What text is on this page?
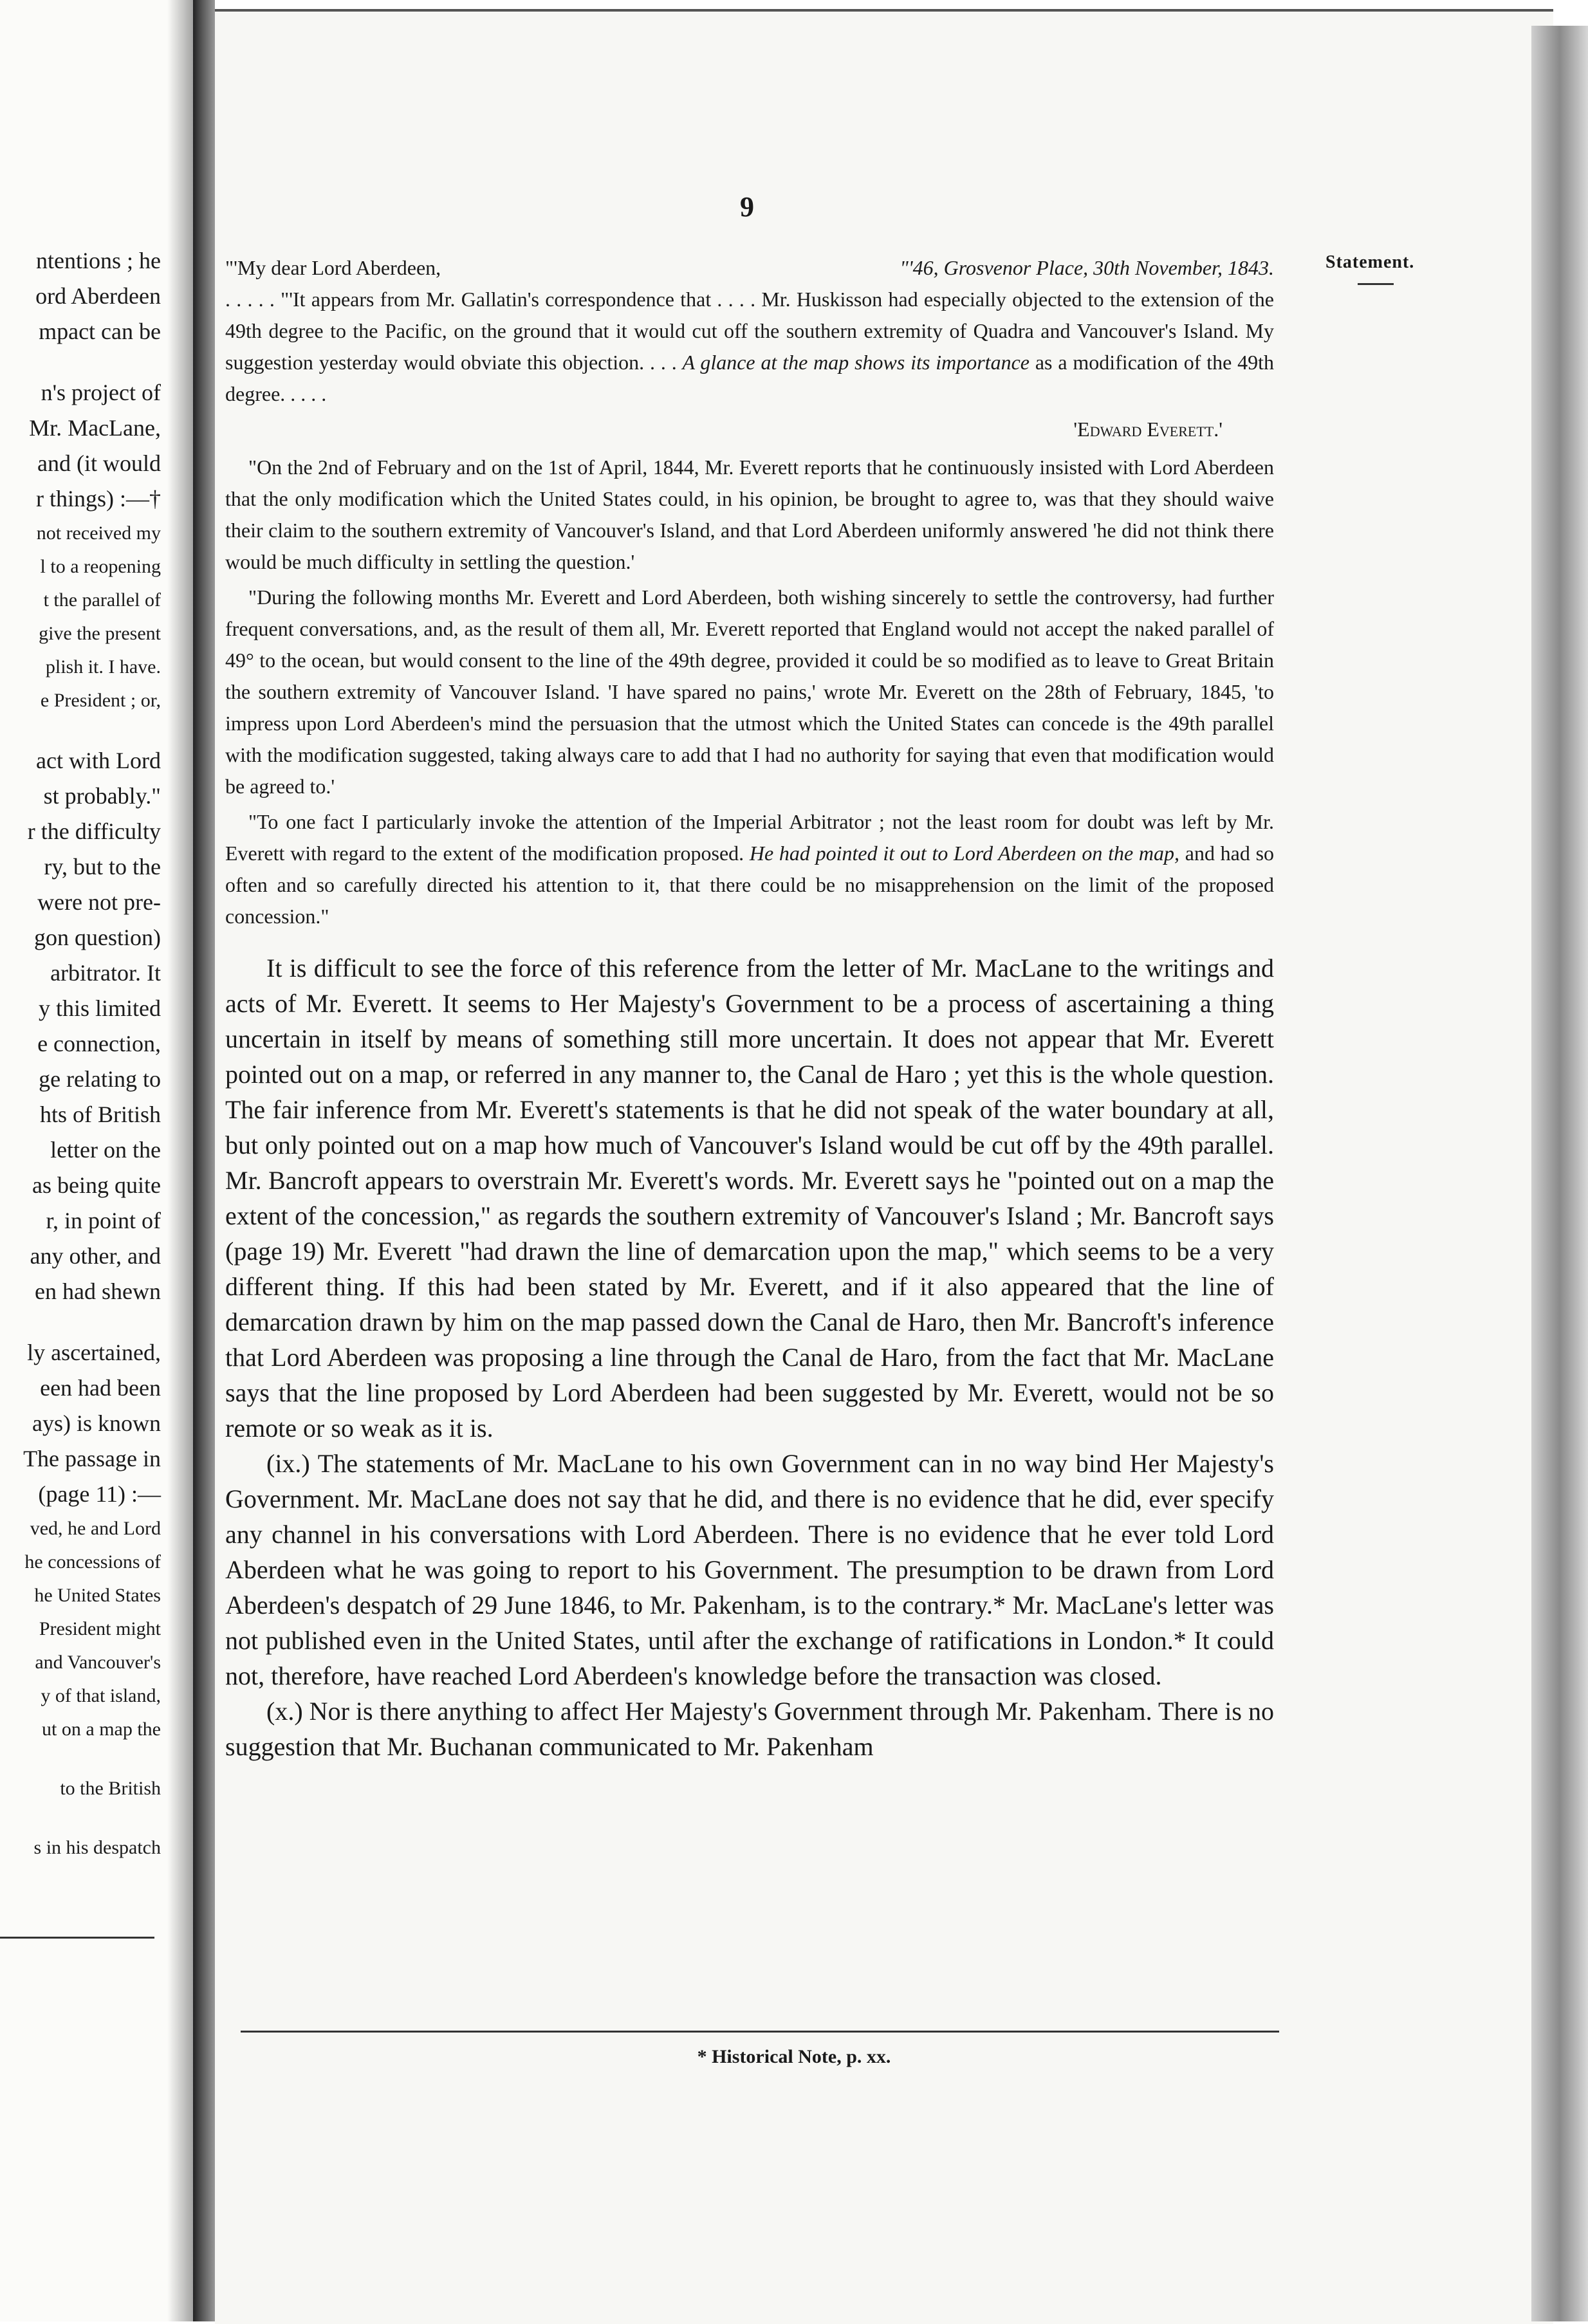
ntentions ; he
ord Aberdeen
mpact can be
n's project of
Mr. MacLane,
and (it would
r things) :—†
not received my
l to a reopening
t the parallel of
give the present
plish it. I have.
e President ; or,
act with Lord
st probably."
r the difficulty
ry, but to the
were not pre-
gon question)
arbitrator. It
y this limited
e connection,
ge relating to
hts of British
letter on the
as being quite
r, in point of
any other, and
en had shewn
ly ascertained,
een had been
ays) is known
The passage in
(page 11) :—
ved, he and Lord
he concessions of
he United States
President might
and Vancouver's
y of that island,
ut on a map the
to the British
s in his despatch
9
Statement.
"'My dear Lord Aberdeen,	"'46, Grosvenor Place, 30th November, 1843.

. . . . . "'It appears from Mr. Gallatin's correspondence that . . . . Mr. Huskisson had especially objected to the extension of the 49th degree to the Pacific, on the ground that it would cut off the southern extremity of Quadra and Vancouver's Island. My suggestion yesterday would obviate this objection. . . . A glance at the map shows its importance as a modification of the 49th degree. . . . .

'Edward Everett.'

"On the 2nd of February and on the 1st of April, 1844, Mr. Everett reports that he continuously insisted with Lord Aberdeen that the only modification which the United States could, in his opinion, be brought to agree to, was that they should waive their claim to the southern extremity of Vancouver's Island, and that Lord Aberdeen uniformly answered 'he did not think there would be much difficulty in settling the question.'

"During the following months Mr. Everett and Lord Aberdeen, both wishing sincerely to settle the controversy, had further frequent conversations, and, as the result of them all, Mr. Everett reported that England would not accept the naked parallel of 49° to the ocean, but would consent to the line of the 49th degree, provided it could be so modified as to leave to Great Britain the southern extremity of Vancouver Island. 'I have spared no pains,' wrote Mr. Everett on the 28th of February, 1845, 'to impress upon Lord Aberdeen's mind the persuasion that the utmost which the United States can concede is the 49th parallel with the modification suggested, taking always care to add that I had no authority for saying that even that modification would be agreed to.'

"To one fact I particularly invoke the attention of the Imperial Arbitrator ; not the least room for doubt was left by Mr. Everett with regard to the extent of the modification proposed. He had pointed it out to Lord Aberdeen on the map, and had so often and so carefully directed his attention to it, that there could be no misapprehension on the limit of the proposed concession."

It is difficult to see the force of this reference from the letter of Mr. MacLane to the writings and acts of Mr. Everett. It seems to Her Majesty's Government to be a process of ascertaining a thing uncertain in itself by means of something still more uncertain. It does not appear that Mr. Everett pointed out on a map, or referred in any manner to, the Canal de Haro ; yet this is the whole question. The fair inference from Mr. Everett's statements is that he did not speak of the water boundary at all, but only pointed out on a map how much of Vancouver's Island would be cut off by the 49th parallel. Mr. Bancroft appears to overstrain Mr. Everett's words. Mr. Everett says he "pointed out on a map the extent of the concession," as regards the southern extremity of Vancouver's Island ; Mr. Bancroft says (page 19) Mr. Everett "had drawn the line of demarcation upon the map," which seems to be a very different thing. If this had been stated by Mr. Everett, and if it also appeared that the line of demarcation drawn by him on the map passed down the Canal de Haro, then Mr. Bancroft's inference that Lord Aberdeen was proposing a line through the Canal de Haro, from the fact that Mr. MacLane says that the line proposed by Lord Aberdeen had been suggested by Mr. Everett, would not be so remote or so weak as it is.

(ix.) The statements of Mr. MacLane to his own Government can in no way bind Her Majesty's Government. Mr. MacLane does not say that he did, and there is no evidence that he did, ever specify any channel in his conversations with Lord Aberdeen. There is no evidence that he ever told Lord Aberdeen what he was going to report to his Government. The presumption to be drawn from Lord Aberdeen's despatch of 29 June 1846, to Mr. Pakenham, is to the contrary.* Mr. MacLane's letter was not published even in the United States, until after the exchange of ratifications in London.* It could not, therefore, have reached Lord Aberdeen's knowledge before the transaction was closed.

(x.) Nor is there anything to affect Her Majesty's Government through Mr. Pakenham. There is no suggestion that Mr. Buchanan communicated to Mr. Pakenham

* Historical Note, p. xx.
